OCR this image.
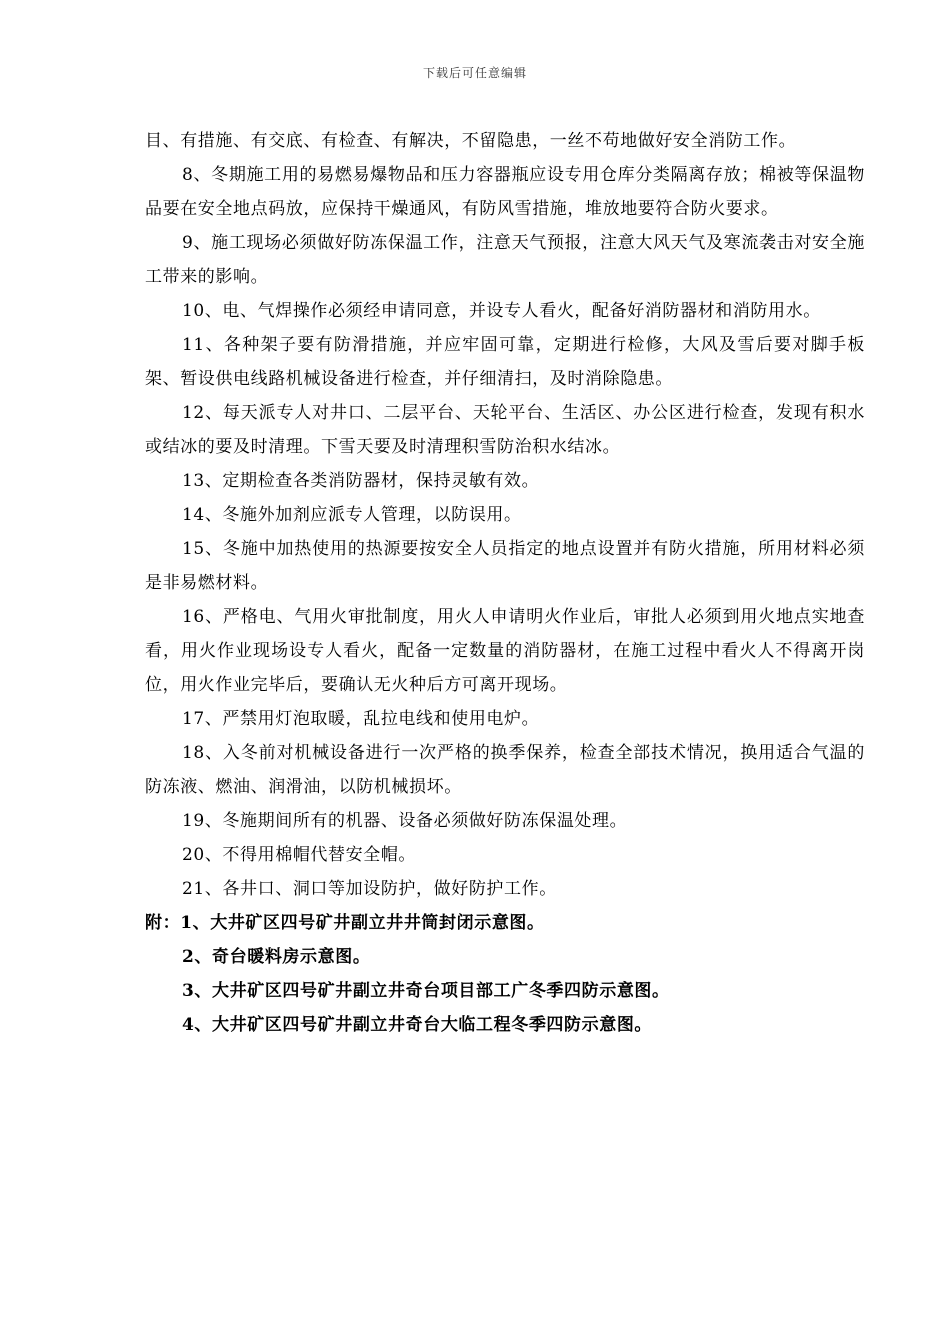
下载后可任意编辑

目、有措施、有交底、有检查、有解决，不留隐患，一丝不苟地做好安全消防工作。

8、冬期施工用的易燃易爆物品和压力容器瓶应设专用仓库分类隔离存放；棉被等保温物品要在安全地点码放，应保持干燥通风，有防风雪措施，堆放地要符合防火要求。

9、施工现场必须做好防冻保温工作，注意天气预报，注意大风天气及寒流袭击对安全施工带来的影响。

10、电、气焊操作必须经申请同意，并设专人看火，配备好消防器材和消防用水。

11、各种架子要有防滑措施，并应牢固可靠，定期进行检修，大风及雪后要对脚手板架、暂设供电线路机械设备进行检查，并仔细清扫，及时消除隐患。

12、每天派专人对井口、二层平台、天轮平台、生活区、办公区进行检查，发现有积水或结冰的要及时清理。下雪天要及时清理积雪防治积水结冰。

13、定期检查各类消防器材，保持灵敏有效。

14、冬施外加剂应派专人管理，以防误用。

15、冬施中加热使用的热源要按安全人员指定的地点设置并有防火措施，所用材料必须是非易燃材料。

16、严格电、气用火审批制度，用火人申请明火作业后，审批人必须到用火地点实地查看，用火作业现场设专人看火，配备一定数量的消防器材，在施工过程中看火人不得离开岗位，用火作业完毕后，要确认无火种后方可离开现场。

17、严禁用灯泡取暖，乱拉电线和使用电炉。

18、入冬前对机械设备进行一次严格的换季保养，检查全部技术情况，换用适合气温的防冻液、燃油、润滑油，以防机械损坏。

19、冬施期间所有的机器、设备必须做好防冻保温处理。

20、不得用棉帽代替安全帽。

21、各井口、洞口等加设防护，做好防护工作。

附：1、大井矿区四号矿井副立井井筒封闭示意图。

2、奇台暖料房示意图。

3、大井矿区四号矿井副立井奇台项目部工广冬季四防示意图。

4、大井矿区四号矿井副立井奇台大临工程冬季四防示意图。
